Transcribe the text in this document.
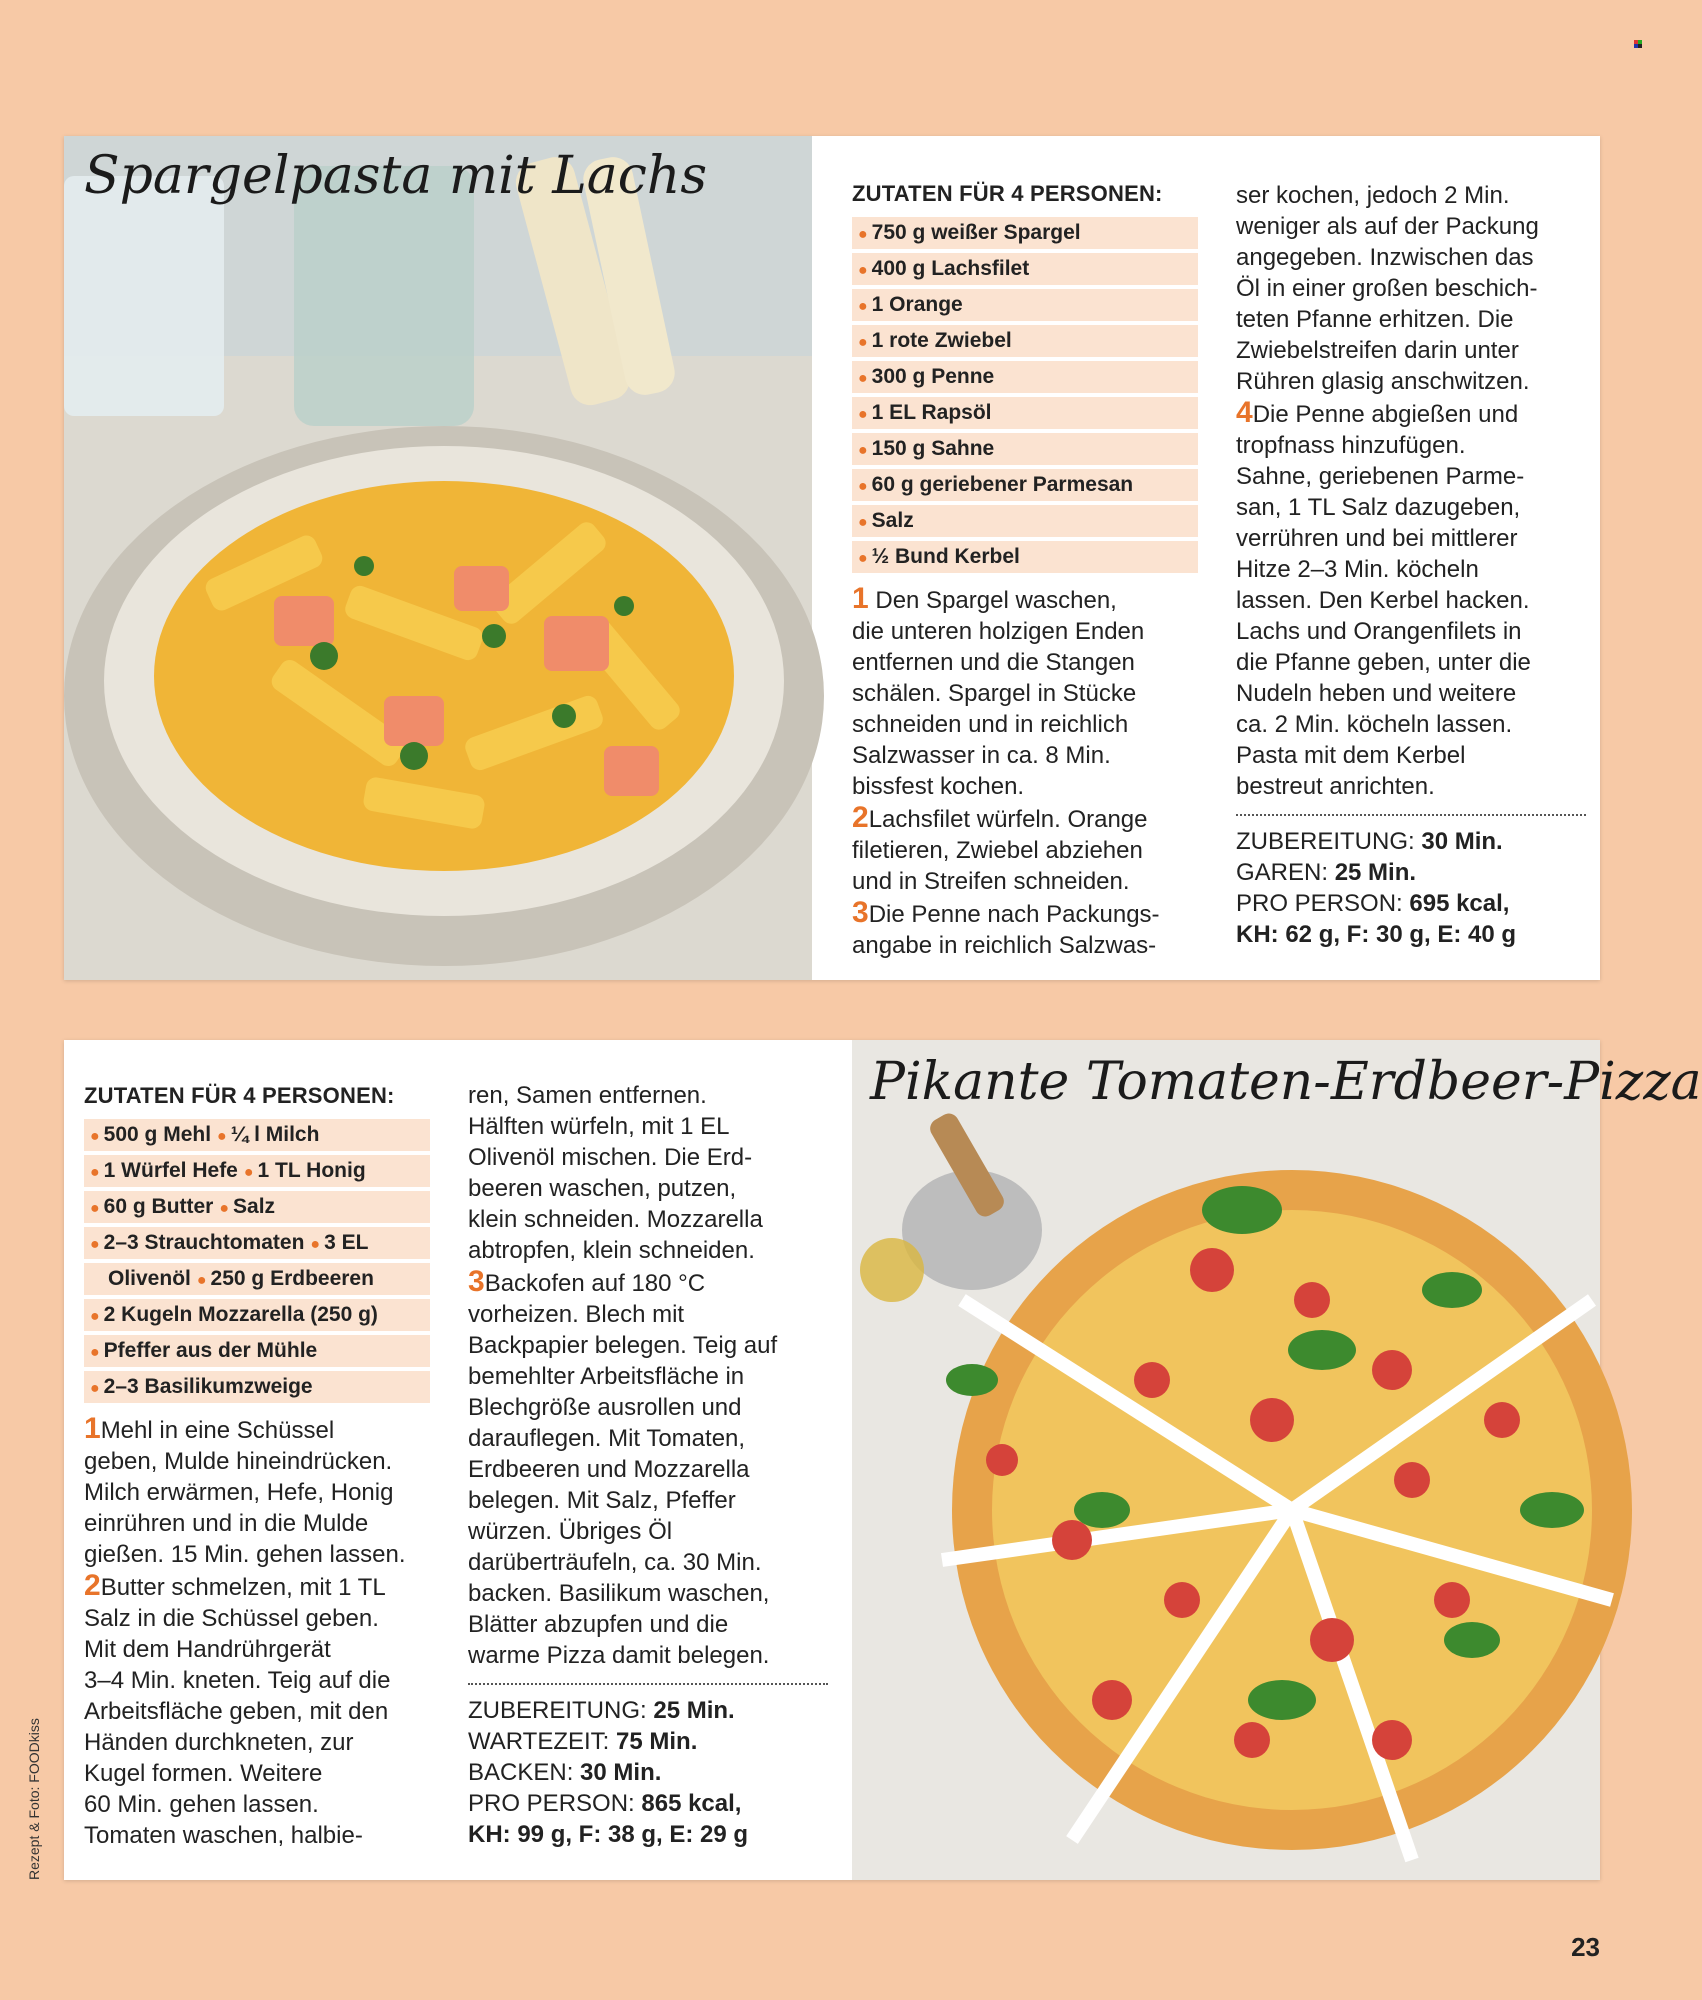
Spargelpasta mit Lachs	ZUTATEN FÜR 4 PERSONEN:
● 750 g weißer Spargel
● 400 g Lachsfilet
● 1 Orange
● 1 rote Zwiebel
● 300 g Penne
● 1 EL Rapsöl
● 150 g Sahne
● 60 g geriebener Parmesan
● Salz
● ½ Bund Kerbel

1 Den Spargel waschen,

die unteren holzigen Enden

entfernen und die Stangen

schälen. Spargel in Stücke

schneiden und in reichlich

Salzwasser in ca. 8 Min.

bissfest kochen.

2Lachsfilet würfeln. Orange

filetieren, Zwiebel abziehen

und in Streifen schneiden.

3Die Penne nach Packungs-

angabe in reichlich Salzwas-

ser kochen, jedoch 2 Min.

weniger als auf der Packung

angegeben. Inzwischen das

Öl in einer großen beschich-

teten Pfanne erhitzen. Die

Zwiebelstreifen darin unter

Rühren glasig anschwitzen.

4Die Penne abgießen und

tropfnass hinzufügen.

Sahne, geriebenen Parme-

san, 1 TL Salz dazugeben,

verrühren und bei mittlerer

Hitze 2–3 Min. köcheln

lassen. Den Kerbel hacken.

Lachs und Orangenfilets in

die Pfanne geben, unter die

Nudeln heben und weitere

ca. 2 Min. köcheln lassen.

Pasta mit dem Kerbel

bestreut anrichten.

ZUBEREITUNG: 30 Min.

GAREN: 25 Min.

PRO PERSON: 695 kcal,

KH: 62 g, F: 30 g, E: 40 g

ZUTATEN FÜR 4 PERSONEN:
● 500 g Mehl ● ¼ l Milch
● 1 Würfel Hefe ● 1 TL Honig
● 60 g Butter ● Salz
● 2–3 Strauchtomaten ● 3 EL
Olivenöl ● 250 g Erdbeeren
● 2 Kugeln Mozzarella (250 g)
● Pfeffer aus der Mühle
● 2–3 Basilikumzweige

1Mehl in eine Schüssel

geben, Mulde hineindrücken.

Milch erwärmen, Hefe, Honig

einrühren und in die Mulde

gießen. 15 Min. gehen lassen.

2Butter schmelzen, mit 1 TL

Salz in die Schüssel geben.

Mit dem Handrührgerät

3–4 Min. kneten. Teig auf die

Arbeitsfläche geben, mit den

Händen durchkneten, zur

Kugel formen. Weitere

60 Min. gehen lassen.

Tomaten waschen, halbie-

ren, Samen entfernen.

Hälften würfeln, mit 1 EL

Olivenöl mischen. Die Erd-

beeren waschen, putzen,

klein schneiden. Mozzarella

abtropfen, klein schneiden.

3Backofen auf 180 °C

vorheizen. Blech mit

Backpapier belegen. Teig auf

bemehlter Arbeitsfläche in

Blechgröße ausrollen und

darauflegen. Mit Tomaten,

Erdbeeren und Mozzarella

belegen. Mit Salz, Pfeffer

würzen. Übriges Öl

darüberträufeln, ca. 30 Min.

backen. Basilikum waschen,

Blätter abzupfen und die

warme Pizza damit belegen.

ZUBEREITUNG: 25 Min.

WARTEZEIT: 75 Min.

BACKEN: 30 Min.

PRO PERSON: 865 kcal,

KH: 99 g, F: 38 g, E: 29 g

Pikante Tomaten-Erdbeer-Pizza
Rezept & Foto: FOODkiss
23
